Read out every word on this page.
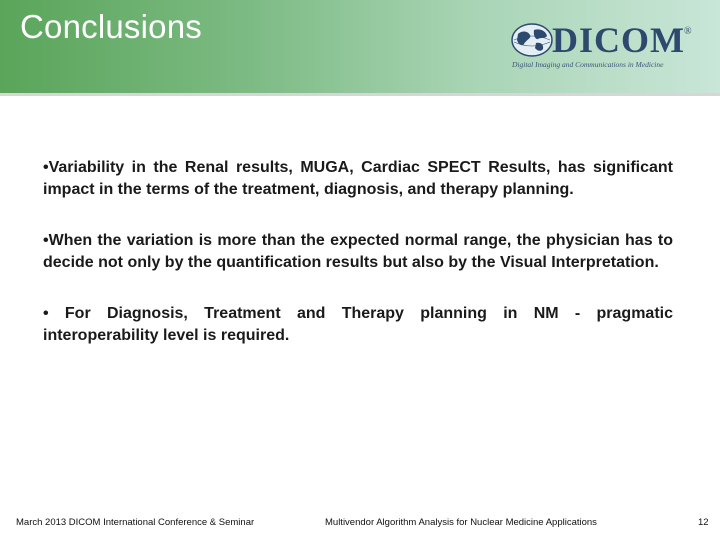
Conclusions	DICOM ®
Digital Imaging and Communications in Medicine

•Variability in the Renal results, MUGA, Cardiac SPECT Results, has significant impact in the terms of the treatment, diagnosis, and therapy planning.

•When the variation is more than the expected normal range, the physician has to decide not only by the quantification results but also by the Visual Interpretation.

• For Diagnosis, Treatment and Therapy planning in NM - pragmatic interoperability level is required.

March 2013 DICOM International Conference & Seminar	Multivendor Algorithm Analysis for Nuclear Medicine Applications	12
